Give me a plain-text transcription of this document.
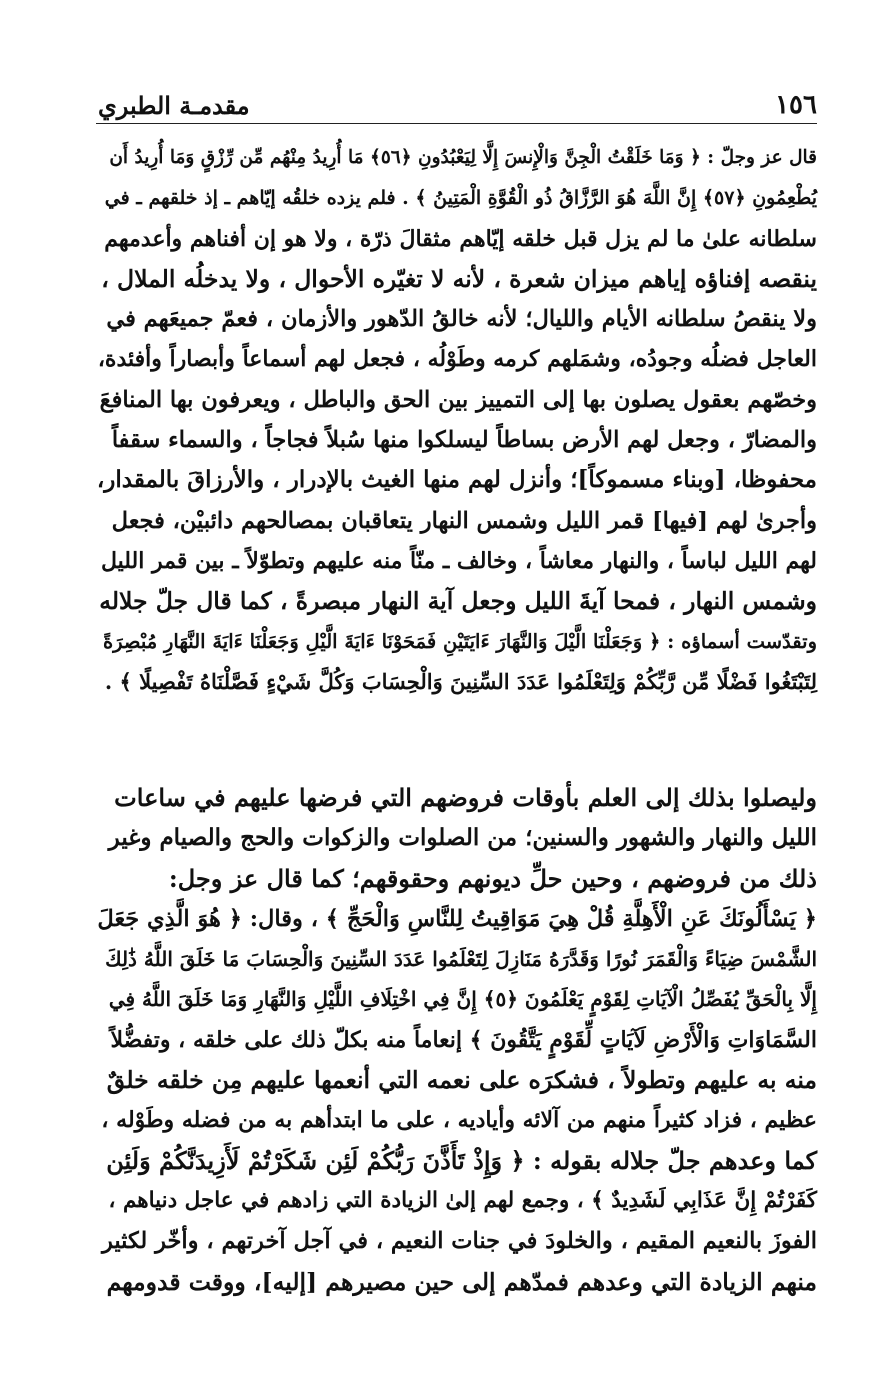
١٥٦
مقدمـة الطبري
قال عز وجلّ : ﴿ وَمَا خَلَقْتُ الْجِنَّ وَالْإِنسَ إِلَّا لِيَعْبُدُونِ ﴿٥٦﴾ مَا أُرِيدُ مِنْهُم مِّن رِّزْقٍ وَمَا أُرِيدُ أَن
يُطْعِمُونِ ﴿٥٧﴾ إِنَّ اللَّهَ هُوَ الرَّزَّاقُ ذُو الْقُوَّةِ الْمَتِينُ ﴾ . فلم يزده خلقُه إيّاهم ـ إذ خلقهم ـ في
سلطانه علىٰ ما لم يزل قبل خلقه إيّاهم مثقالَ ذرّة ، ولا هو إن أفناهم وأعدمهم
ينقصه إفناؤه إياهم ميزان شعرة ، لأنه لا تغيّره الأحوال ، ولا يدخلُه الملال ،
ولا ينقصُ سلطانه الأيام والليال؛ لأنه خالقُ الدّهور والأزمان ، فعمّ جميعَهم في
العاجل فضلُه وجودُه، وشمَلهم كرمه وطَوْلُه ، فجعل لهم أسماعاً وأبصاراً وأفئدة،
وخصّهم بعقول يصلون بها إلى التمييز بين الحق والباطل ، ويعرفون بها المنافعَ
والمضارّ ، وجعل لهم الأرض بساطاً ليسلكوا منها سُبلاً فجاجاً ، والسماء سقفاً
محفوظا، [وبناء مسموكاً]؛ وأنزل لهم منها الغيث بالإدرار ، والأرزاقَ بالمقدار،
وأجرىٰ لهم [فيها] قمر الليل وشمس النهار يتعاقبان بمصالحهم دائبيْن، فجعل
لهم الليل لباساً ، والنهار معاشاً ، وخالف ـ منّاً منه عليهم وتطوّلاً ـ بين قمر الليل
وشمس النهار ، فمحا آيةَ الليل وجعل آية النهار مبصرةً ، كما قال جلّ جلاله
وتقدّست أسماؤه : ﴿ وَجَعَلْنَا الَّيْلَ وَالنَّهَارَ ءَايَتَيْنِ فَمَحَوْنَا ءَايَةَ الَّيْلِ وَجَعَلْنَا ءَايَةَ النَّهَارِ مُبْصِرَةً
لِتَبْتَغُوا فَضْلًا مِّن رَّبِّكُمْ وَلِتَعْلَمُوا عَدَدَ السِّنِينَ وَالْحِسَابَ وَكُلَّ شَيْءٍ فَصَّلْنَاهُ تَفْصِيلًا ﴾ .
وليصلوا بذلك إلى العلم بأوقات فروضهم التي فرضها عليهم في ساعات
الليل والنهار والشهور والسنين؛ من الصلوات والزكوات والحج والصيام وغير
ذلك من فروضهم ، وحين حلِّ ديونهم وحقوقهم؛ كما قال عز وجل:
﴿ يَسْأَلُونَكَ عَنِ الْأَهِلَّةِ قُلْ هِيَ مَوَاقِيتُ لِلنَّاسِ وَالْحَجِّ ﴾ ، وقال: ﴿ هُوَ الَّذِي جَعَلَ
الشَّمْسَ ضِيَاءً وَالْقَمَرَ نُورًا وَقَدَّرَهُ مَنَازِلَ لِتَعْلَمُوا عَدَدَ السِّنِينَ وَالْحِسَابَ مَا خَلَقَ اللَّهُ ذَٰلِكَ
إِلَّا بِالْحَقِّ يُفَصِّلُ الْآيَاتِ لِقَوْمٍ يَعْلَمُونَ ﴿٥﴾ إِنَّ فِي اخْتِلَافِ اللَّيْلِ وَالنَّهَارِ وَمَا خَلَقَ اللَّهُ فِي
السَّمَاوَاتِ وَالْأَرْضِ لَآيَاتٍ لِّقَوْمٍ يَتَّقُونَ ﴾ إنعاماً منه بكلّ ذلك على خلقه ، وتفضُّلاً
منه به عليهم وتطولاً ، فشكرَه على نعمه التي أنعمها عليهم مِن خلقه خلقٌ
عظيم ، فزاد كثيراً منهم من آلائه وأياديه ، على ما ابتدأهم به من فضله وطَوْله ،
كما وعدهم جلّ جلاله بقوله : ﴿ وَإِذْ تَأَذَّنَ رَبُّكُمْ لَئِن شَكَرْتُمْ لَأَزِيدَنَّكُمْ وَلَئِن
كَفَرْتُمْ إِنَّ عَذَابِي لَشَدِيدٌ ﴾ ، وجمع لهم إلىٰ الزيادة التي زادهم في عاجل دنياهم ،
الفوزَ بالنعيم المقيم ، والخلودَ في جنات النعيم ، في آجل آخرتهم ، وأخّر لكثير
منهم الزيادة التي وعدهم فمدّهم إلى حين مصيرهم [إليه]، ووقت قدومهم
